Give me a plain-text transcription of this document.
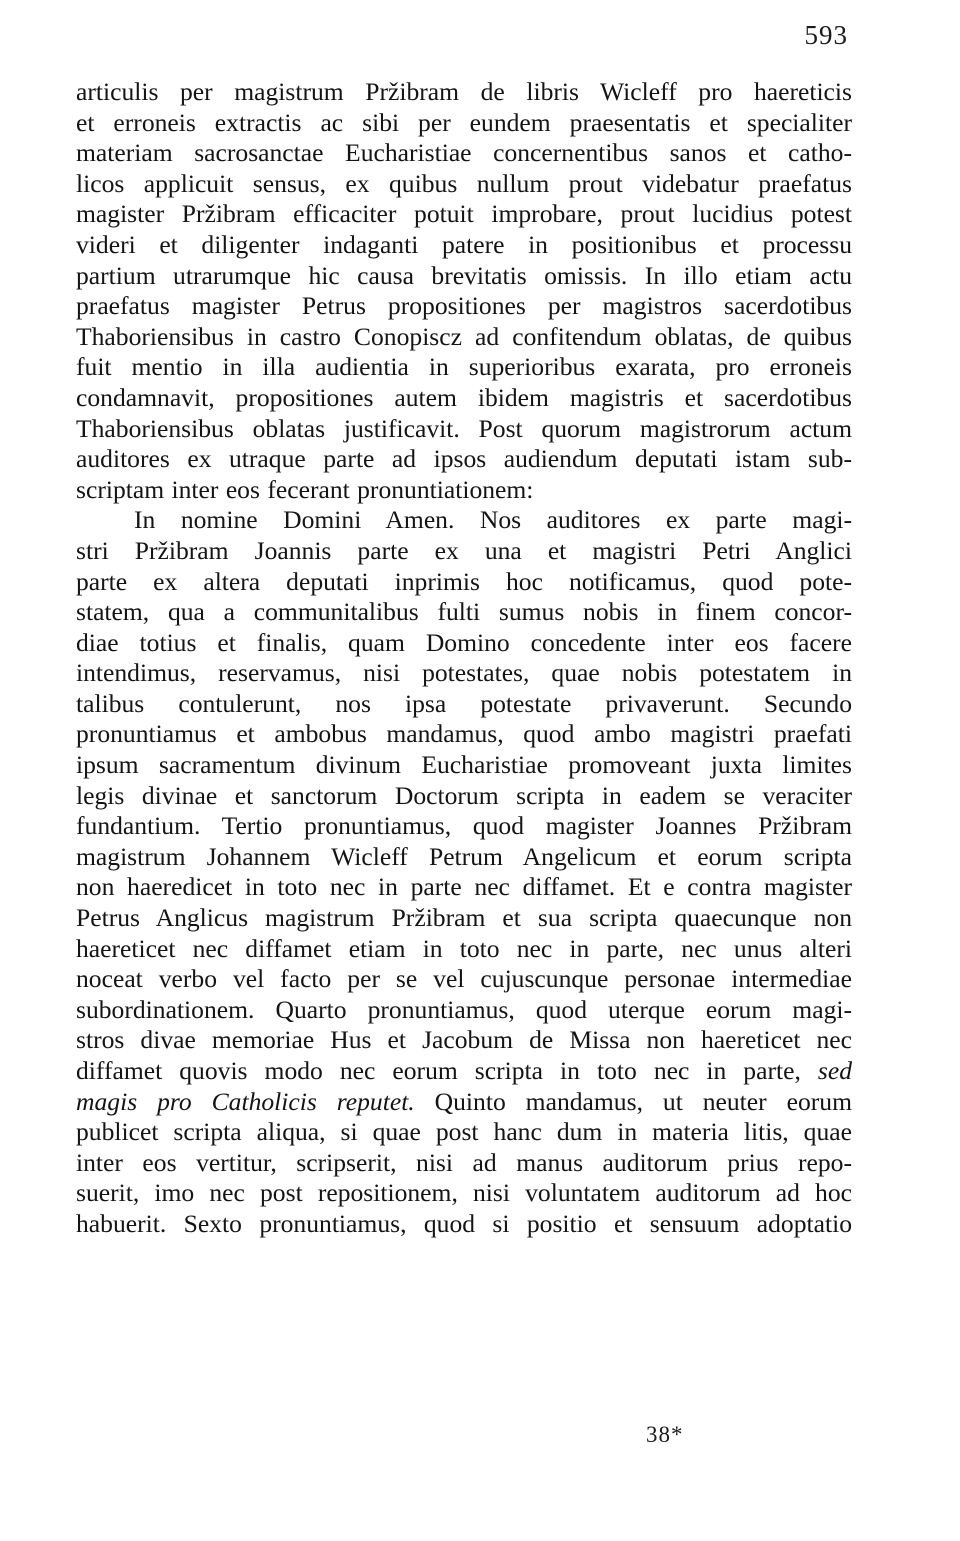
593
articulis per magistrum Pržibram de libris Wicleff pro haereticis
et erroneis extractis ac sibi per eundem praesentatis et specialiter
materiam sacrosanctae Eucharistiae concernentibus sanos et catho-
licos applicuit sensus, ex quibus nullum prout videbatur praefatus
magister Pržibram efficaciter potuit improbare, prout lucidius potest
videri et diligenter indaganti patere in positionibus et processu
partium utrarumque hic causa brevitatis omissis. In illo etiam actu
praefatus magister Petrus propositiones per magistros sacerdotibus
Thaboriensibus in castro Conopiscz ad confitendum oblatas, de quibus
fuit mentio in illa audientia in superioribus exarata, pro erroneis
condamnavit, propositiones autem ibidem magistris et sacerdotibus
Thaboriensibus oblatas justificavit. Post quorum magistrorum actum
auditores ex utraque parte ad ipsos audiendum deputati istam sub-
scriptam inter eos fecerant pronuntiationem:
In nomine Domini Amen. Nos auditores ex parte magi-
stri Pržibram Joannis parte ex una et magistri Petri Anglici
parte ex altera deputati inprimis hoc notificamus, quod pote-
statem, qua a communitalibus fulti sumus nobis in finem concor-
diae totius et finalis, quam Domino concedente inter eos facere
intendimus, reservamus, nisi potestates, quae nobis potestatem in
talibus contulerunt, nos ipsa potestate privaverunt. Secundo
pronuntiamus et ambobus mandamus, quod ambo magistri praefati
ipsum sacramentum divinum Eucharistiae promoveant juxta limites
legis divinae et sanctorum Doctorum scripta in eadem se veraciter
fundantium. Tertio pronuntiamus, quod magister Joannes Pržibram
magistrum Johannem Wicleff Petrum Angelicum et eorum scripta
non haeredicet in toto nec in parte nec diffamet. Et e contra magister
Petrus Anglicus magistrum Pržibram et sua scripta quaecunque non
haereticet nec diffamet etiam in toto nec in parte, nec unus alteri
noceat verbo vel facto per se vel cujuscunque personae intermediae
subordinationem. Quarto pronuntiamus, quod uterque eorum magi-
stros divae memoriae Hus et Jacobum de Missa non haereticet nec
diffamet quovis modo nec eorum scripta in toto nec in parte, sed
magis pro Catholicis reputet. Quinto mandamus, ut neuter eorum
publicet scripta aliqua, si quae post hanc dum in materia litis, quae
inter eos vertitur, scripserit, nisi ad manus auditorum prius repo-
suerit, imo nec post repositionem, nisi voluntatem auditorum ad hoc
habuerit. Sexto pronuntiamus, quod si positio et sensuum adoptatio
38*
